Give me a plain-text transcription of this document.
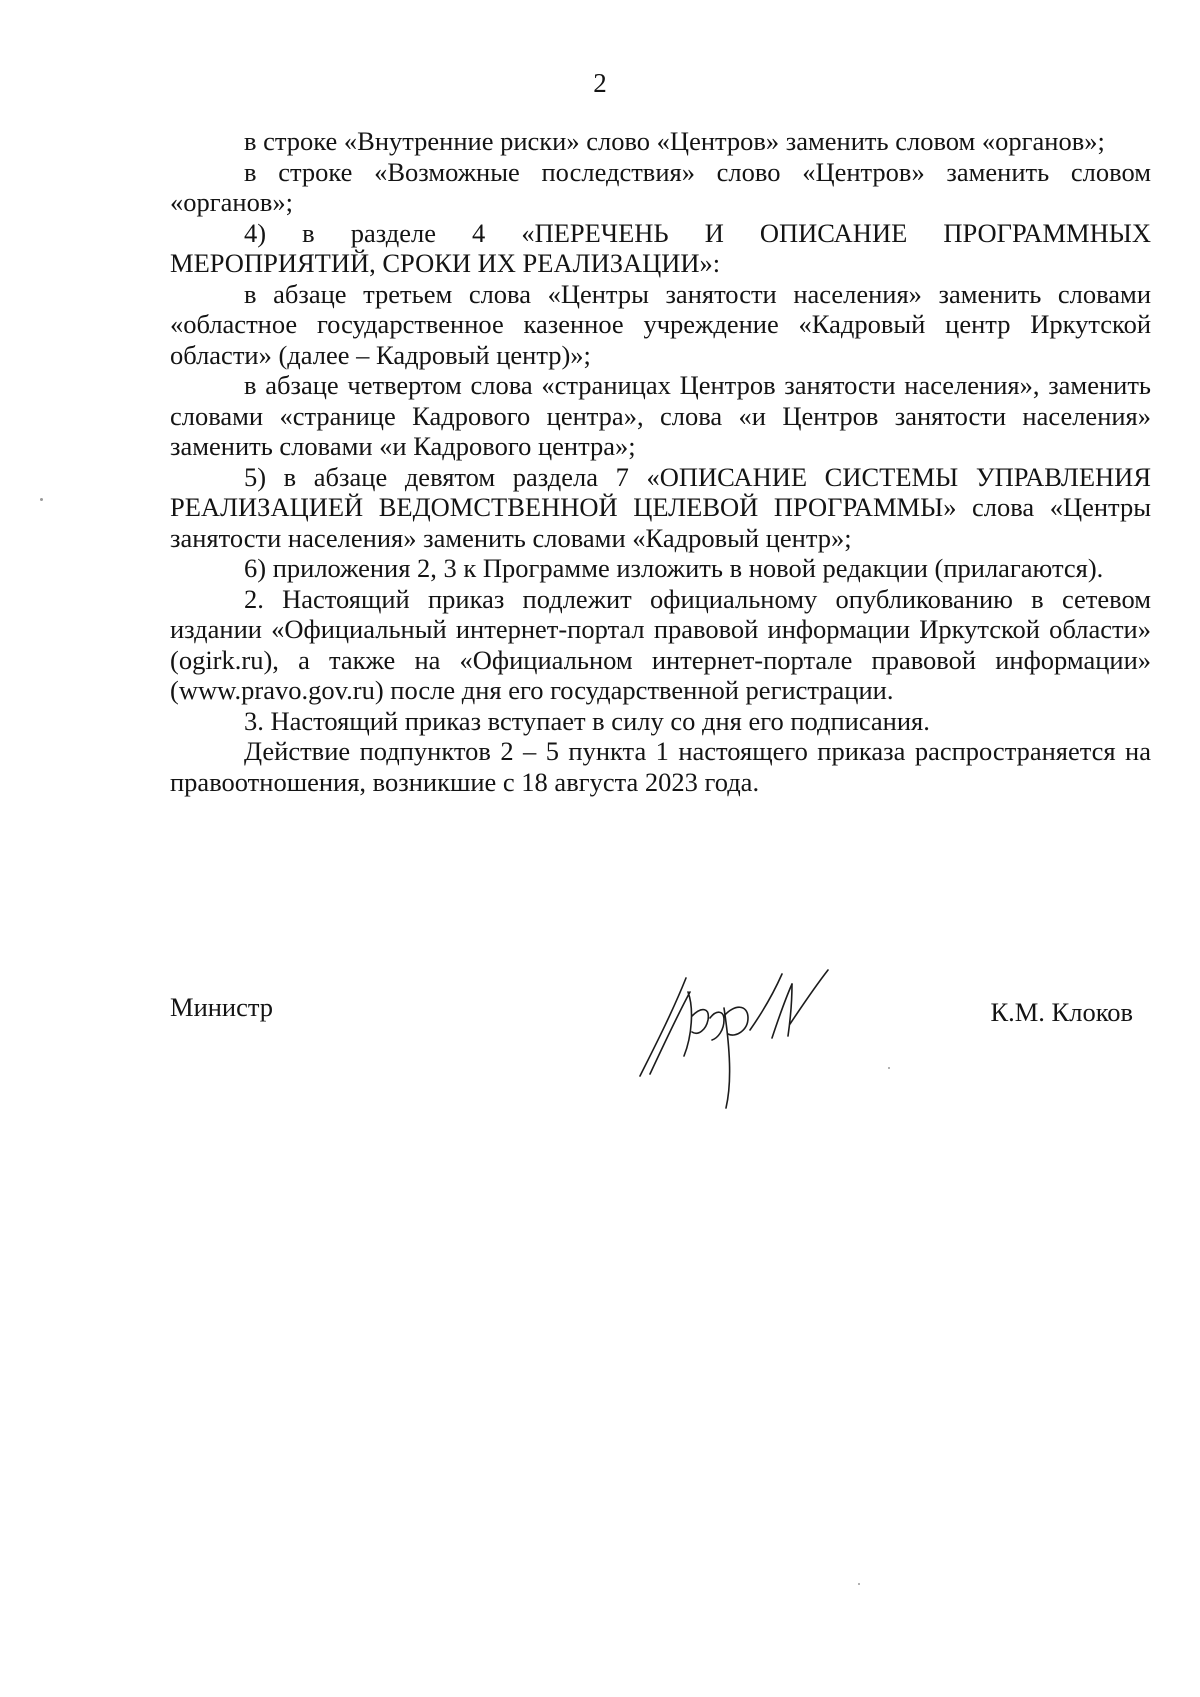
2

в строке «Внутренние риски» слово «Центров» заменить словом «органов»;

в строке «Возможные последствия» слово «Центров» заменить словом «органов»;

4) в разделе 4 «ПЕРЕЧЕНЬ И ОПИСАНИЕ ПРОГРАММНЫХ МЕРОПРИЯТИЙ, СРОКИ ИХ РЕАЛИЗАЦИИ»:

в абзаце третьем слова «Центры занятости населения» заменить словами «областное государственное казенное учреждение «Кадровый центр Иркутской области» (далее – Кадровый центр)»;

в абзаце четвертом слова «страницах Центров занятости населения», заменить словами «странице Кадрового центра», слова «и Центров занятости населения» заменить словами «и Кадрового центра»;

5) в абзаце девятом раздела 7 «ОПИСАНИЕ СИСТЕМЫ УПРАВЛЕНИЯ РЕАЛИЗАЦИЕЙ ВЕДОМСТВЕННОЙ ЦЕЛЕВОЙ ПРОГРАММЫ» слова «Центры занятости населения» заменить словами «Кадровый центр»;

6) приложения 2, 3 к Программе изложить в новой редакции (прилагаются).

2. Настоящий приказ подлежит официальному опубликованию в сетевом издании «Официальный интернет-портал правовой информации Иркутской области» (ogirk.ru), а также на «Официальном интернет-портале правовой информации» (www.pravo.gov.ru) после дня его государственной регистрации.

3. Настоящий приказ вступает в силу со дня его подписания.

Действие подпунктов 2 – 5 пункта 1 настоящего приказа распространяется на правоотношения, возникшие с 18 августа 2023 года.

Министр	К.М. Клоков
